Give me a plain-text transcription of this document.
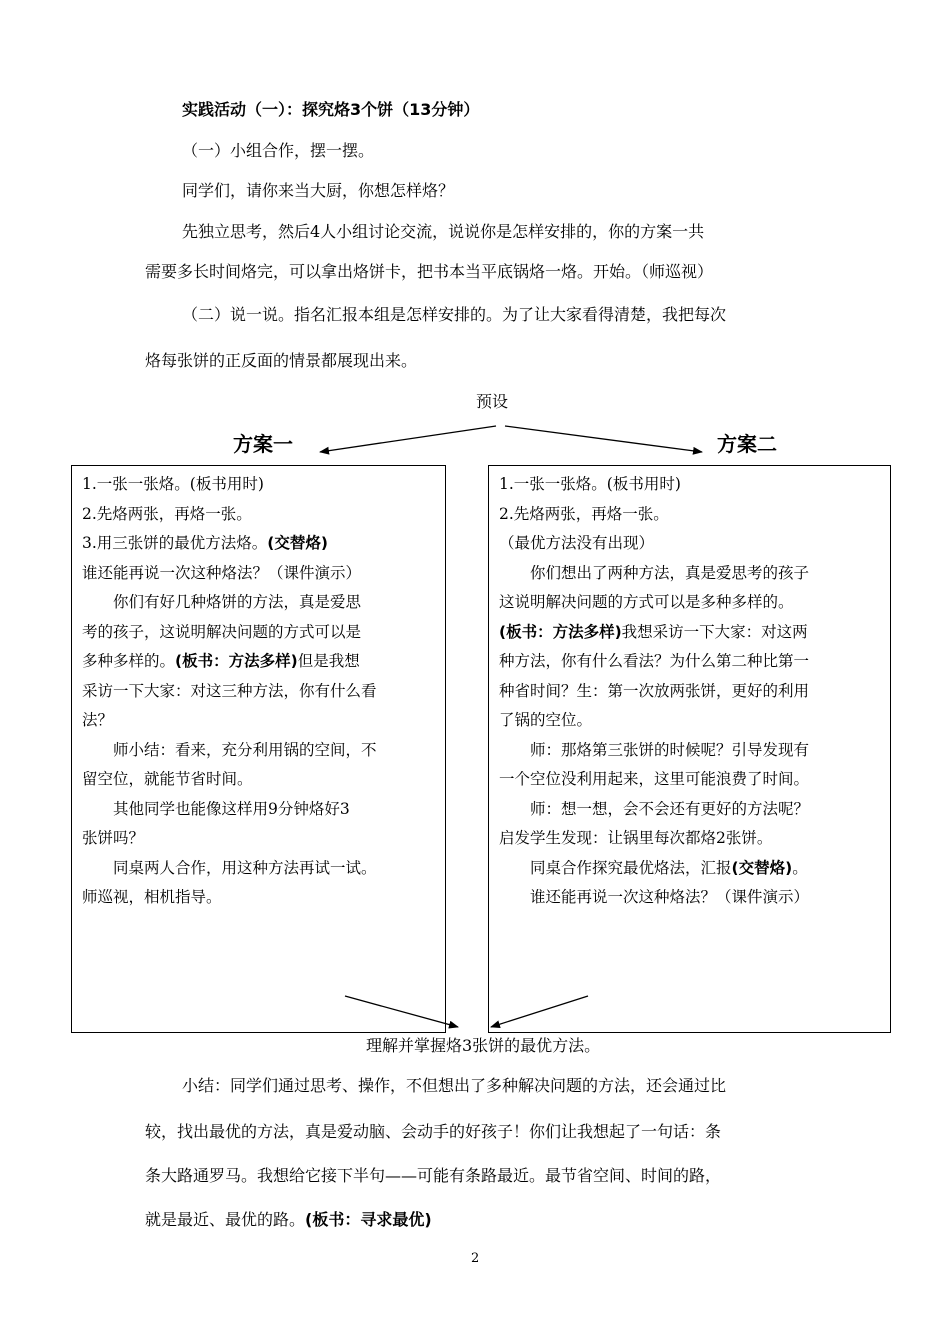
实践活动（一）：探究烙3个饼（13分钟）
（一）小组合作，摆一摆。
同学们，请你来当大厨，你想怎样烙？
先独立思考，然后4人小组讨论交流，说说你是怎样安排的，你的方案一共
需要多长时间烙完，可以拿出烙饼卡，把书本当平底锅烙一烙。开始。（师巡视）
（二）说一说。指名汇报本组是怎样安排的。为了让大家看得清楚，我把每次
烙每张饼的正反面的情景都展现出来。
预设
方案一	方案二
1.一张一张烙。(板书用时)
2.先烙两张，再烙一张。
3.用三张饼的最优方法烙。(交替烙)
谁还能再说一次这种烙法？（课件演示）
　　你们有好几种烙饼的方法，真是爱思
考的孩子，这说明解决问题的方式可以是
多种多样的。(板书：方法多样)但是我想
采访一下大家：对这三种方法，你有什么看
法？
　　师小结：看来，充分利用锅的空间，不
留空位，就能节省时间。
　　其他同学也能像这样用9分钟烙好3
张饼吗？
　　同桌两人合作，用这种方法再试一试。
师巡视，相机指导。
1.一张一张烙。(板书用时)
2.先烙两张，再烙一张。
（最优方法没有出现）
　　你们想出了两种方法，真是爱思考的孩子
这说明解决问题的方式可以是多种多样的。
(板书：方法多样)我想采访一下大家：对这两
种方法，你有什么看法？为什么第二种比第一
种省时间？生：第一次放两张饼，更好的利用
了锅的空位。
　　师：那烙第三张饼的时候呢？引导发现有
一个空位没利用起来，这里可能浪费了时间。
　　师：想一想，会不会还有更好的方法呢？
启发学生发现：让锅里每次都烙2张饼。
　　同桌合作探究最优烙法，汇报(交替烙)。
　　谁还能再说一次这种烙法？（课件演示）
理解并掌握烙3张饼的最优方法。
小结：同学们通过思考、操作，不但想出了多种解决问题的方法，还会通过比
较，找出最优的方法，真是爱动脑、会动手的好孩子！你们让我想起了一句话：条
条大路通罗马。我想给它接下半句——可能有条路最近。最节省空间、时间的路，
就是最近、最优的路。(板书：寻求最优)
2
